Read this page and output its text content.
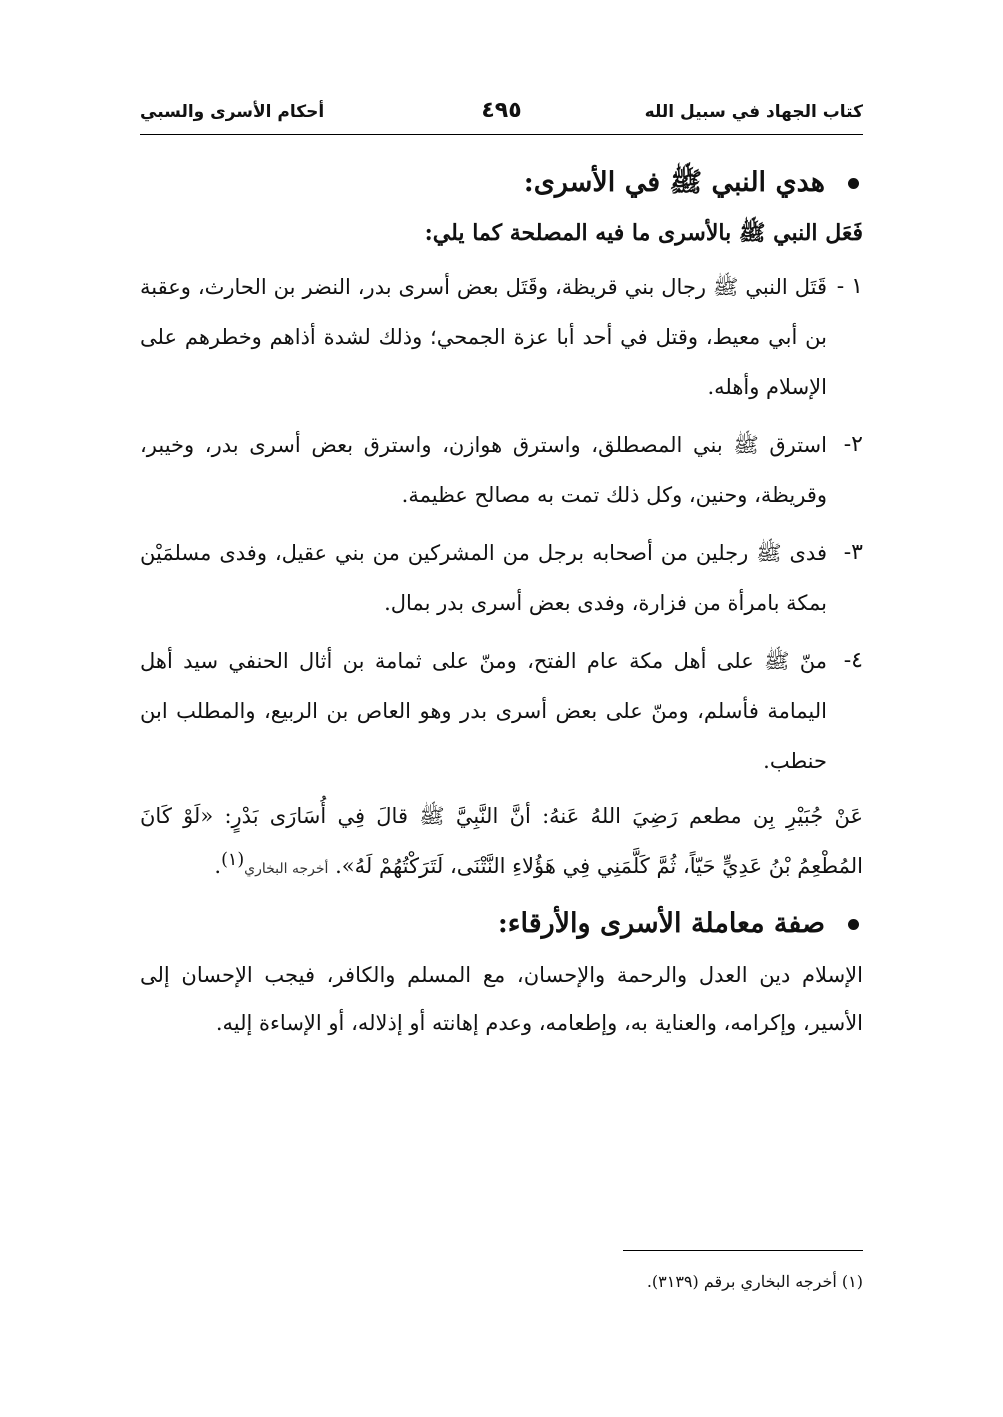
كتاب الجهاد في سبيل الله
٤٩٥
أحكام الأسرى والسبي
هدي النبي ﷺ في الأسرى:

فَعَل النبي ﷺ بالأسرى ما فيه المصلحة كما يلي:

١ -
قَتَل النبي ﷺ رجال بني قريظة، وقَتَل بعض أسرى بدر، النضر بن الحارث، وعقبة بن أبي معيط، وقتل في أحد أبا عزة الجمحي؛ وذلك لشدة أذاهم وخطرهم على الإسلام وأهله.
٢-
استرق ﷺ بني المصطلق، واسترق هوازن، واسترق بعض أسرى بدر، وخيبر، وقريظة، وحنين، وكل ذلك تمت به مصالح عظيمة.
٣-
فدى ﷺ رجلين من أصحابه برجل من المشركين من بني عقيل، وفدى مسلمَيْن بمكة بامرأة من فزارة، وفدى بعض أسرى بدر بمال.
٤-
منّ ﷺ على أهل مكة عام الفتح، ومنّ على ثمامة بن أثال الحنفي سيد أهل اليمامة فأسلم، ومنّ على بعض أسرى بدر وهو العاص بن الربيع، والمطلب ابن حنطب.

عَنْ جُبَيْرِ بِن مطعم رَضِيَ اللهُ عَنهُ: أنَّ النَّبِيَّ ﷺ قالَ فِي أُسَارَى بَدْرٍ: «لَوْ كَانَ المُطْعِمُ بْنُ عَدِيٍّ حَيّاً، ثُمَّ كَلَّمَنِي فِي هَؤُلاءِ النَّتْنَى، لَتَرَكْتُهُمْ لَهُ». أخرجه البخاري$^{(١)}$.

صفة معاملة الأسرى والأرقاء:

الإسلام دين العدل والرحمة والإحسان، مع المسلم والكافر، فيجب الإحسان إلى الأسير، وإكرامه، والعناية به، وإطعامه، وعدم إهانته أو إذلاله، أو الإساءة إليه.

(١) أخرجه البخاري برقم (٣١٣٩).
